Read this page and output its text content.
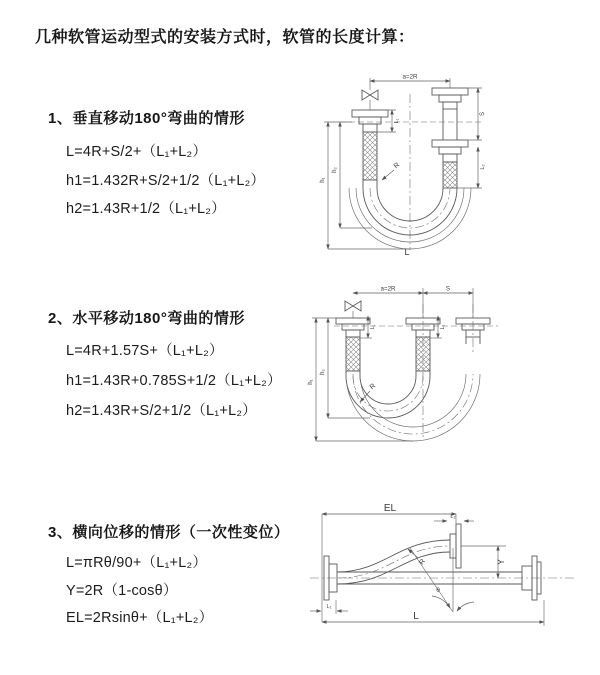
几种软管运动型式的安装方式时，软管的长度计算：
1、垂直移动180°弯曲的情形
L=4R+S/2+（L₁+L₂）
h1=1.432R+S/2+1/2（L₁+L₂）
h2=1.43R+1/2（L₁+L₂）
2、水平移动180°弯曲的情形
L=4R+1.57S+（L₁+L₂）
h1=1.43R+0.785S+1/2（L₁+L₂）
h2=1.43R+S/2+1/2（L₁+L₂）
3、横向位移的情形（一次性变位）
L=πRθ/90+（L₁+L₂）
Y=2R（1-cosθ）
EL=2Rsinθ+（L₁+L₂）
a=2R
L₁
h₁
h₂
S
L₂
R
L
a=2R	S
h₁
h₂
L₁	L₂
R
EL
L₂
Y
θ
R
L₁
L
